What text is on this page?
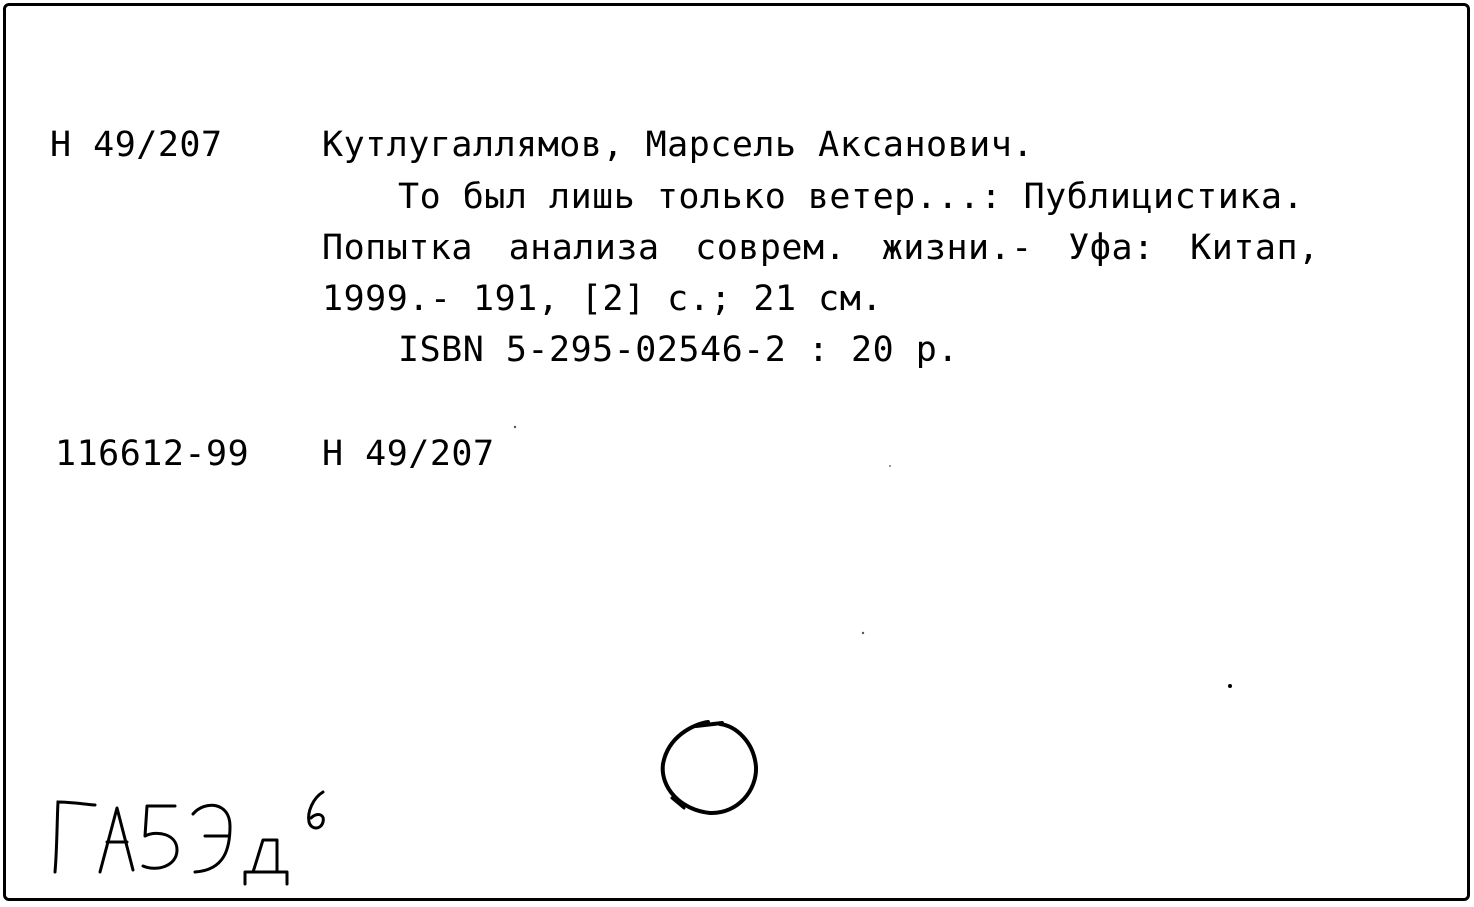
Н 49/207	Кутлугаллямов, Марсель Аксанович.
То был лишь только ветер...: Публицистика.
Попытка анализа соврем. жизни.- Уфа: Китап,
1999.- 191, [2] с.; 21 см.
ISBN 5-295-02546-2 : 20 р.
116612-99 Н 49/207
